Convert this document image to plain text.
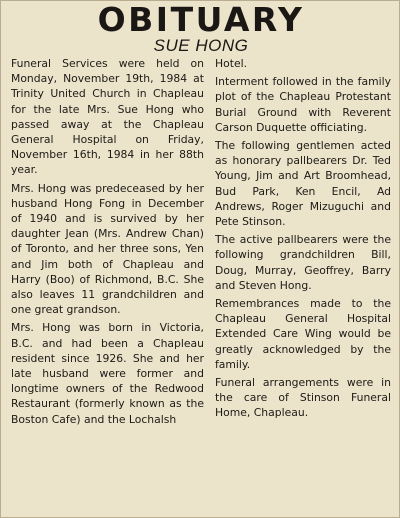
OBITUARY
SUE HONG

Funeral Services were held on Monday, November 19th, 1984 at Trinity United Church in Chapleau for the late Mrs. Sue Hong who passed away at the Chapleau General Hospital on Friday, November 16th, 1984 in her 88th year.

Mrs. Hong was predeceased by her husband Hong Fong in December of 1940 and is survived by her daughter Jean (Mrs. Andrew Chan) of Toronto, and her three sons, Yen and Jim both of Chapleau and Harry (Boo) of Richmond, B.C. She also leaves 11 grandchildren and one great grandson.

Mrs. Hong was born in Victoria, B.C. and had been a Chapleau resident since 1926. She and her late husband were former and longtime owners of the Redwood Restaurant (formerly known as the Boston Cafe) and the Lochalsh

Hotel.

Interment followed in the family plot of the Chapleau Protestant Burial Ground with Reverent Carson Duquette officiating.

The following gentlemen acted as honorary pallbearers Dr. Ted Young, Jim and Art Broomhead, Bud Park, Ken Encil, Ad Andrews, Roger Mizuguchi and Pete Stinson.

The active pallbearers were the following grandchildren Bill, Doug, Murray, Geoffrey, Barry and Steven Hong.

Remembrances made to the Chapleau General Hospital Extended Care Wing would be greatly acknowledged by the family.

Funeral arrangements were in the care of Stinson Funeral Home, Chapleau.
